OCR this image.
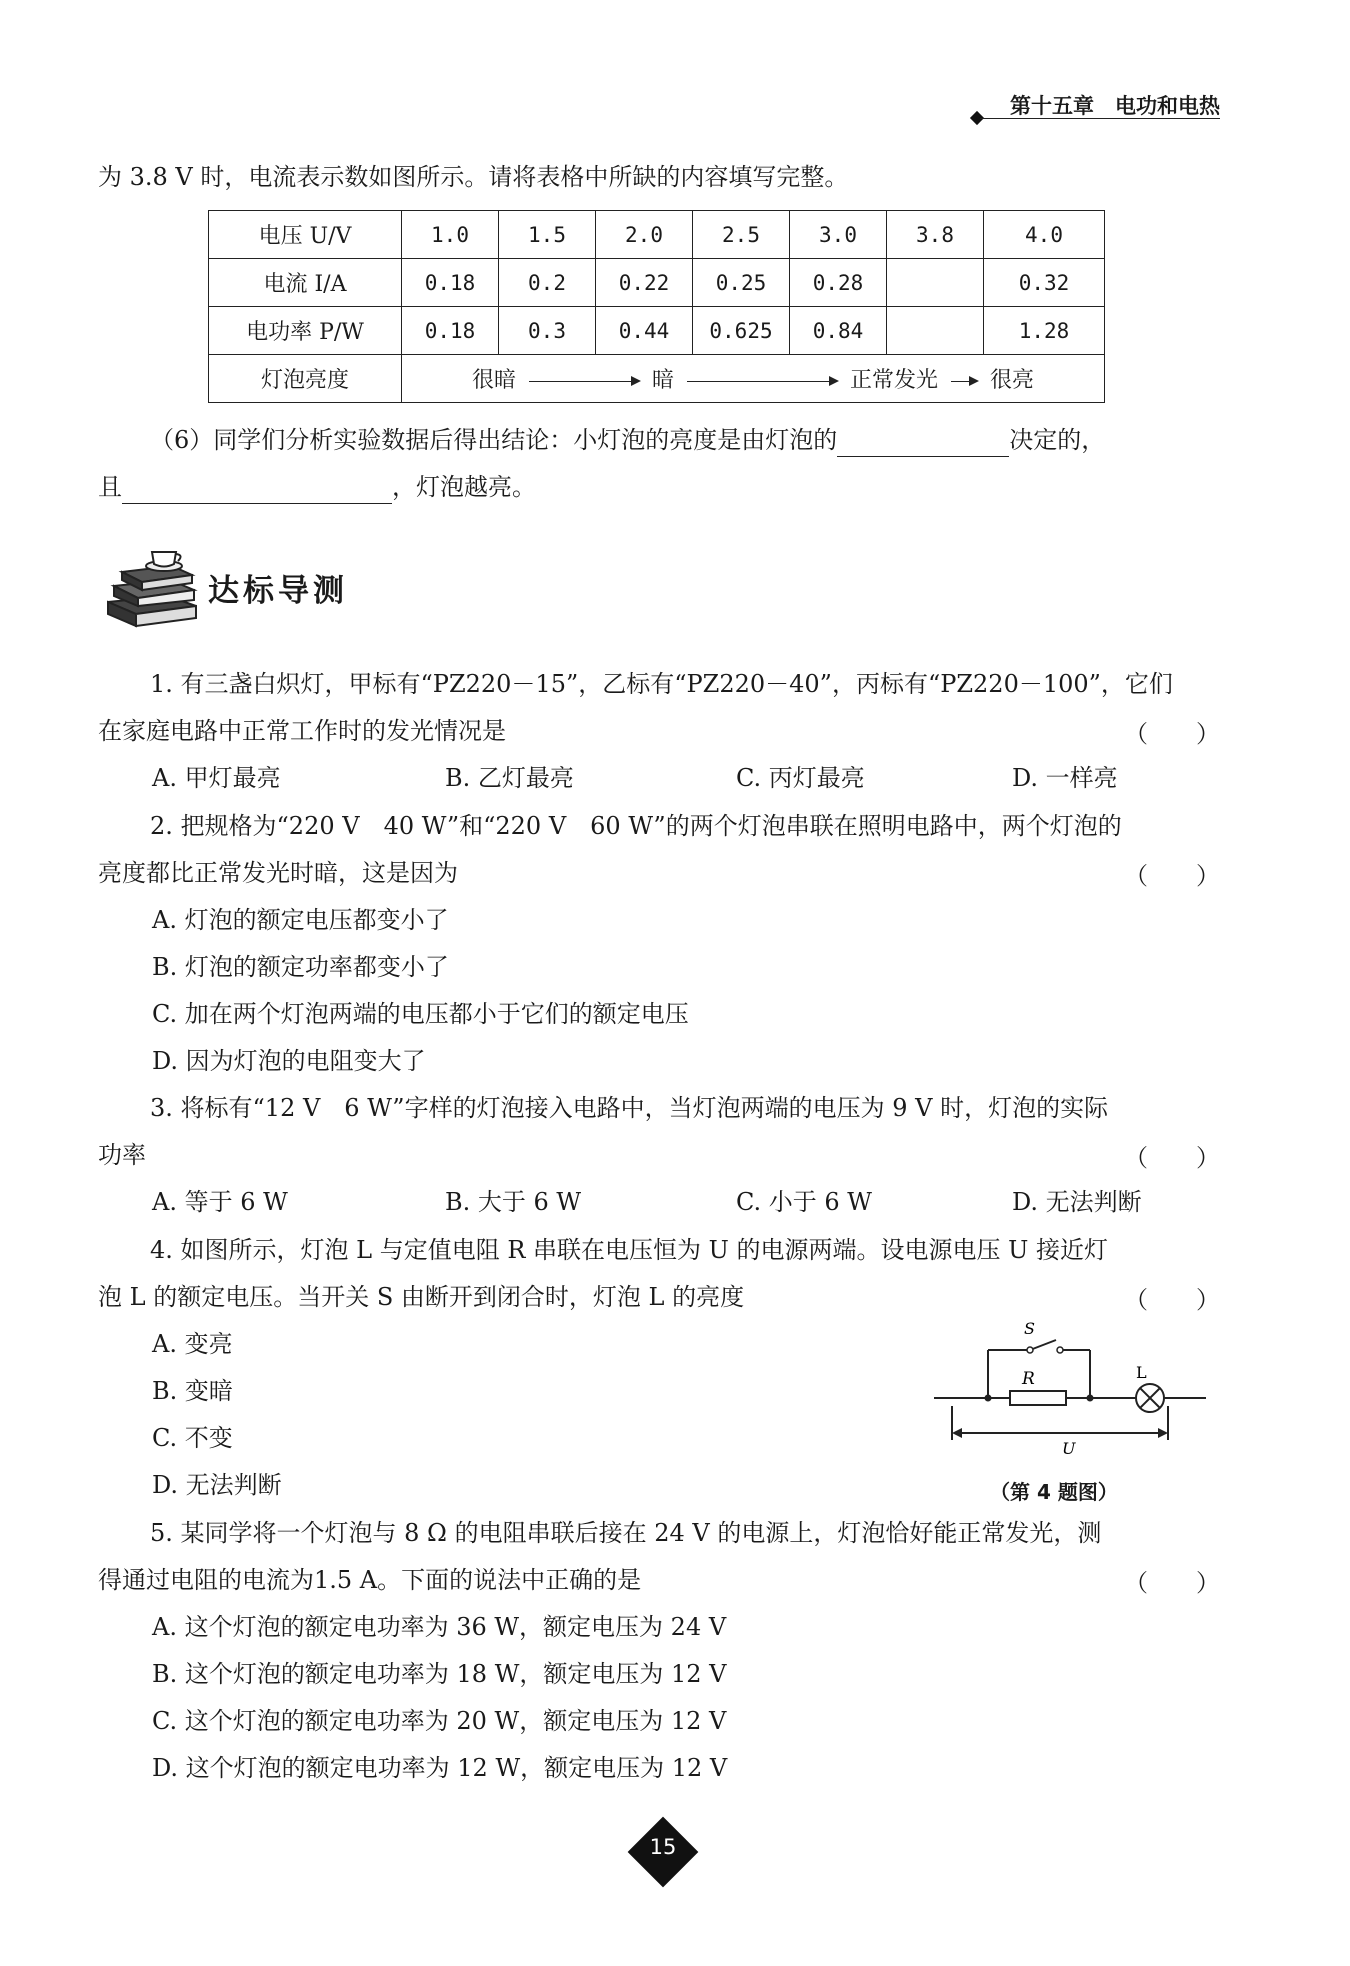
第十五章　电功和电热
为 3.8 V 时，电流表示数如图所示。请将表格中所缺的内容填写完整。
电压 U/V	1.0	1.5	2.0	2.5	3.0	3.8	4.0
电流 I/A	0.18	0.2	0.22	0.25	0.28		0.32
电功率 P/W	0.18	0.3	0.44	0.625	0.84		1.28
灯泡亮度	很暗 暗 正常发光 很亮						
（6）同学们分析实验数据后得出结论：小灯泡的亮度是由灯泡的	决定的，
且	，灯泡越亮。
达标导测
1. 有三盏白炽灯，甲标有“PZ220－15”，乙标有“PZ220－40”，丙标有“PZ220－100”，它们
在家庭电路中正常工作时的发光情况是	（　　）
A. 甲灯最亮	B. 乙灯最亮	C. 丙灯最亮	D. 一样亮
2. 把规格为“220 V　40 W”和“220 V　60 W”的两个灯泡串联在照明电路中，两个灯泡的
亮度都比正常发光时暗，这是因为	（　　）
A. 灯泡的额定电压都变小了
B. 灯泡的额定功率都变小了
C. 加在两个灯泡两端的电压都小于它们的额定电压
D. 因为灯泡的电阻变大了
3. 将标有“12 V　6 W”字样的灯泡接入电路中，当灯泡两端的电压为 9 V 时，灯泡的实际
功率	（　　）
A. 等于 6 W	B. 大于 6 W	C. 小于 6 W	D. 无法判断
4. 如图所示，灯泡 L 与定值电阻 R 串联在电压恒为 U 的电源两端。设电源电压 U 接近灯
泡 L 的额定电压。当开关 S 由断开到闭合时，灯泡 L 的亮度	（　　）
A. 变亮
B. 变暗
C. 不变
D. 无法判断
S
R	L
U
（第 4 题图）
5. 某同学将一个灯泡与 8 Ω 的电阻串联后接在 24 V 的电源上，灯泡恰好能正常发光，测
得通过电阻的电流为1.5 A。下面的说法中正确的是	（　　）
A. 这个灯泡的额定电功率为 36 W，额定电压为 24 V
B. 这个灯泡的额定电功率为 18 W，额定电压为 12 V
C. 这个灯泡的额定电功率为 20 W，额定电压为 12 V
D. 这个灯泡的额定电功率为 12 W，额定电压为 12 V
15
